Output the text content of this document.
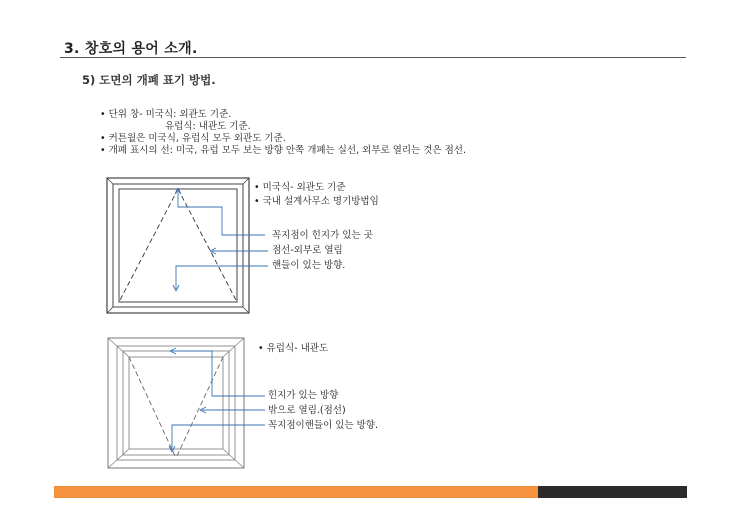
3. 창호의 용어 소개.
5) 도면의 개폐 표기 방법.
• 단위 창- 미국식: 외관도 기준.
유럽식: 내관도 기준.
• 커튼월은 미국식, 유럽식 모두 외관도 기준.
• 개폐 표시의 선: 미국, 유럽 모두 보는 방향 안쪽 개폐는 실선, 외부로 열리는 것은 점선.
• 미국식- 외관도 기준
• 국내 설계사무소 명기방법임
꼭지점이 힌지가 있는 곳
점선-외부로 열림
핸들이 있는 방향.
• 유럽식- 내관도
힌지가 있는 방향
밖으로 열림.(점선)
꼭지점이핸들이 있는 방향.
